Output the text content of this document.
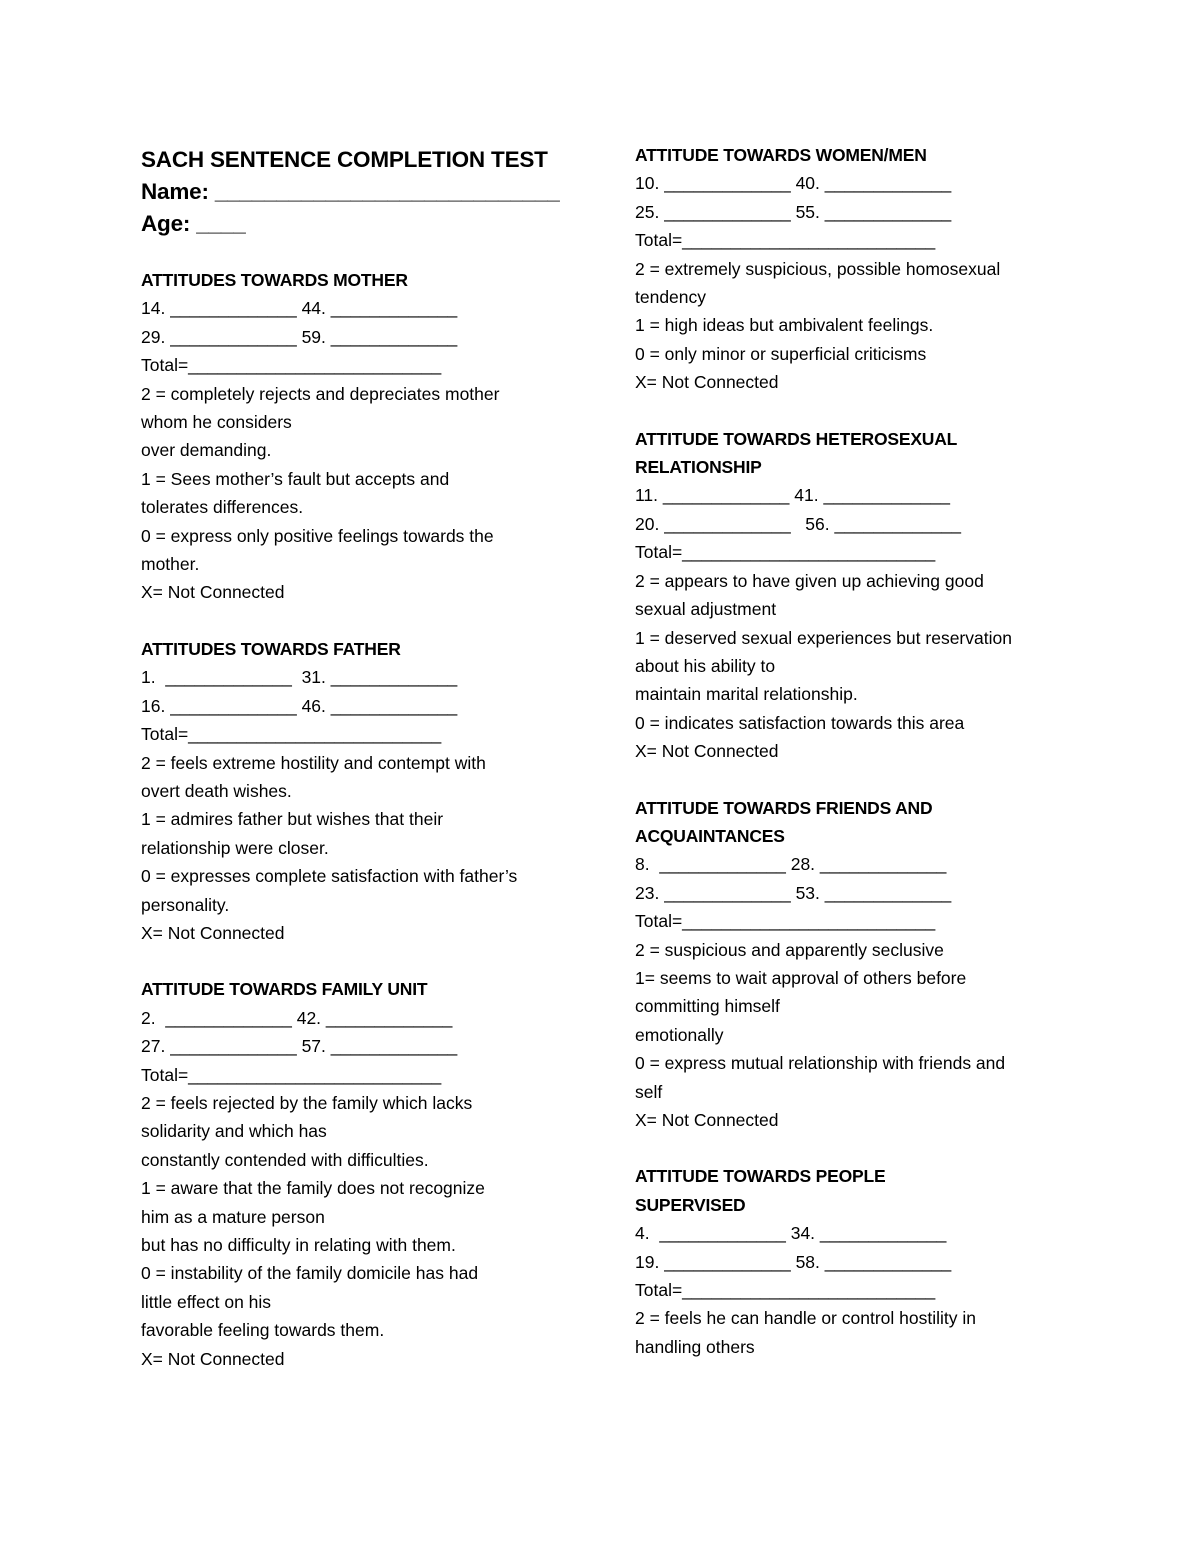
SACH SENTENCE COMPLETION TEST
Name: ____________________________
Age: ____
ATTITUDES TOWARDS MOTHER
14. _____________ 44. _____________
29. _____________ 59. _____________
Total=__________________________
2 = completely rejects and depreciates mother
whom he considers
over demanding.
1 = Sees mother’s fault but accepts and
tolerates differences.
0 = express only positive feelings towards the
mother.
X= Not Connected
ATTITUDES TOWARDS FATHER
1.  _____________  31. _____________
16. _____________ 46. _____________
Total=__________________________
2 = feels extreme hostility and contempt with
overt death wishes.
1 = admires father but wishes that their
relationship were closer.
0 = expresses complete satisfaction with father’s
personality.
X= Not Connected
ATTITUDE TOWARDS FAMILY UNIT
2.  _____________ 42. _____________
27. _____________ 57. _____________
Total=__________________________
2 = feels rejected by the family which lacks
solidarity and which has
constantly contended with difficulties.
1 = aware that the family does not recognize
him as a mature person
but has no difficulty in relating with them.
0 = instability of the family domicile has had
little effect on his
favorable feeling towards them.
X= Not Connected
ATTITUDE TOWARDS WOMEN/MEN
10. _____________ 40. _____________
25. _____________ 55. _____________
Total=__________________________
2 = extremely suspicious, possible homosexual
tendency
1 = high ideas but ambivalent feelings.
0 = only minor or superficial criticisms
X= Not Connected
ATTITUDE TOWARDS HETEROSEXUAL
RELATIONSHIP
11. _____________ 41. _____________
20. _____________   56. _____________
Total=__________________________
2 = appears to have given up achieving good
sexual adjustment
1 = deserved sexual experiences but reservation
about his ability to
maintain marital relationship.
0 = indicates satisfaction towards this area
X= Not Connected
ATTITUDE TOWARDS FRIENDS AND
ACQUAINTANCES
8.  _____________ 28. _____________
23. _____________ 53. _____________
Total=__________________________
2 = suspicious and apparently seclusive
1= seems to wait approval of others before
committing himself
emotionally
0 = express mutual relationship with friends and
self
X= Not Connected
ATTITUDE TOWARDS PEOPLE
SUPERVISED
4.  _____________ 34. _____________
19. _____________ 58. _____________
Total=__________________________
2 = feels he can handle or control hostility in
handling others
